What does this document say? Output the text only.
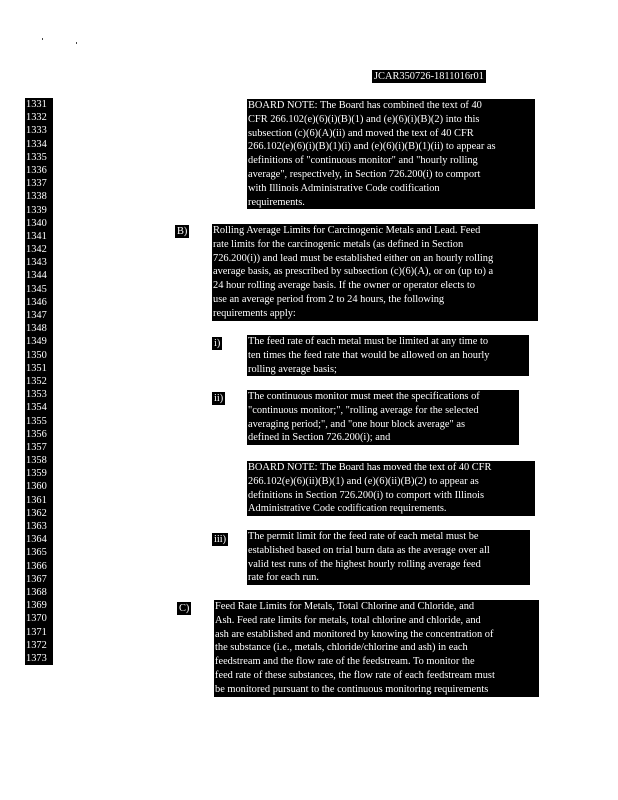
JCAR350726-1811016r01
1331
1332
1333
1334
1335
1336
1337
1338
1339
1340
1341
1342
1343
1344
1345
1346
1347
1348
1349
1350
1351
1352
1353
1354
1355
1356
1357
1358
1359
1360
1361
1362
1363
1364
1365
1366
1367
1368
1369
1370
1371
1372
1373
BOARD NOTE: The Board has combined the text of 40
CFR 266.102(e)(6)(i)(B)(1) and (e)(6)(i)(B)(2) into this
subsection (c)(6)(A)(ii) and moved the text of 40 CFR
266.102(e)(6)(i)(B)(1)(i) and (e)(6)(i)(B)(1)(ii) to appear as
definitions of "continuous monitor" and "hourly rolling
average", respectively, in Section 726.200(i) to comport
with Illinois Administrative Code codification
requirements.
B) Rolling Average Limits for Carcinogenic Metals and Lead. Feed
rate limits for the carcinogenic metals (as defined in Section
726.200(i)) and lead must be established either on an hourly rolling
average basis, as prescribed by subsection (c)(6)(A), or on (up to) a
24 hour rolling average basis. If the owner or operator elects to
use an average period from 2 to 24 hours, the following
requirements apply:
i)	The feed rate of each metal must be limited at any time to
ten times the feed rate that would be allowed on an hourly
rolling average basis;
ii) The continuous monitor must meet the specifications of
"continuous monitor;", "rolling average for the selected
averaging period;", and "one hour block average" as
defined in Section 726.200(i); and
BOARD NOTE: The Board has moved the text of 40 CFR
266.102(e)(6)(ii)(B)(1) and (e)(6)(ii)(B)(2) to appear as
definitions in Section 726.200(i) to comport with Illinois
Administrative Code codification requirements.
iii) The permit limit for the feed rate of each metal must be
established based on trial burn data as the average over all
valid test runs of the highest hourly rolling average feed
rate for each run.
C) Feed Rate Limits for Metals, Total Chlorine and Chloride, and
Ash. Feed rate limits for metals, total chlorine and chloride, and
ash are established and monitored by knowing the concentration of
the substance (i.e., metals, chloride/chlorine and ash) in each
feedstream and the flow rate of the feedstream. To monitor the
feed rate of these substances, the flow rate of each feedstream must
be monitored pursuant to the continuous monitoring requirements
